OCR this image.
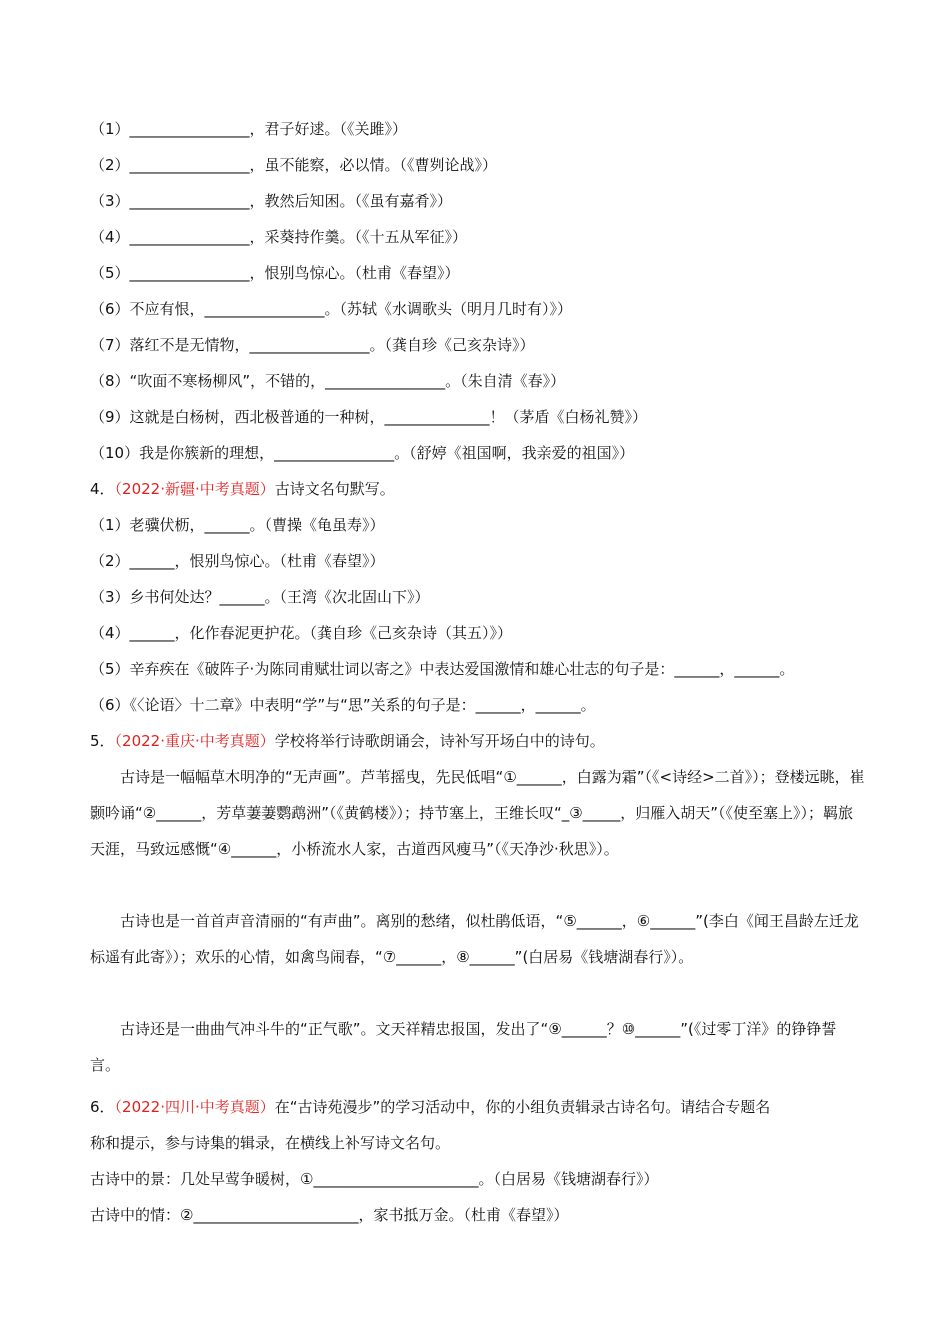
（1）________________，君子好逑。（《关雎》）
（2）________________，虽不能察，必以情。（《曹刿论战》）
（3）________________，教然后知困。（《虽有嘉肴》）
（4）________________，采葵持作羹。（《十五从军征》）
（5）________________，恨别鸟惊心。（杜甫《春望》）
（6）不应有恨，________________。（苏轼《水调歌头（明月几时有）》）
（7）落红不是无情物，________________。（龚自珍《己亥杂诗》）
（8）“吹面不寒杨柳风”，不错的，________________。（朱自清《春》）
（9）这就是白杨树，西北极普通的一种树，______________！（茅盾《白杨礼赞》）
（10）我是你簇新的理想，________________。（舒婷《祖国啊，我亲爱的祖国》）
4．（2022·新疆·中考真题）古诗文名句默写。
（1）老骥伏枥，______。（曹操《龟虽寿》）
（2）______，恨别鸟惊心。（杜甫《春望》）
（3）乡书何处达？______。（王湾《次北固山下》）
（4）______，化作春泥更护花。（龚自珍《己亥杂诗（其五）》）
（5）辛弃疾在《破阵子·为陈同甫赋壮词以寄之》中表达爱国激情和雄心壮志的句子是：______，______。
（6）《〈论语〉十二章》中表明“学”与“思”关系的句子是：______，______。
5．（2022·重庆·中考真题）学校将举行诗歌朗诵会，诗补写开场白中的诗句。
古诗是一幅幅草木明净的“无声画”。芦苇摇曳，先民低唱“①______，白露为霜”（《<诗经>二首》）；登楼远眺，崔颢吟诵“②______，芳草萋萋鹦鹉洲”（《黄鹤楼》）；持节塞上，王维长叹“_③_____，归雁入胡天”（《使至塞上》）；羁旅天涯，马致远感慨“④______，小桥流水人家，古道西风瘦马”（《天净沙·秋思》）。
古诗也是一首首声音清丽的“有声曲”。离别的愁绪，似杜鹃低语，“⑤______，⑥______”(李白《闻王昌龄左迁龙标遥有此寄》）；欢乐的心情，如禽鸟闹春，“⑦______，⑧______”(白居易《钱塘湖春行》）。
古诗还是一曲曲气冲斗牛的“正气歌”。文天祥精忠报国，发出了“⑨______？⑩______”(《过零丁洋》的铮铮誓言。
6．（2022·四川·中考真题）在“古诗苑漫步”的学习活动中，你的小组负责辑录古诗名句。请结合专题名
称和提示，参与诗集的辑录，在横线上补写诗文名句。
古诗中的景：几处早莺争暖树，①______________________。（白居易《钱塘湖春行》）
古诗中的情：②______________________，家书抵万金。（杜甫《春望》）
